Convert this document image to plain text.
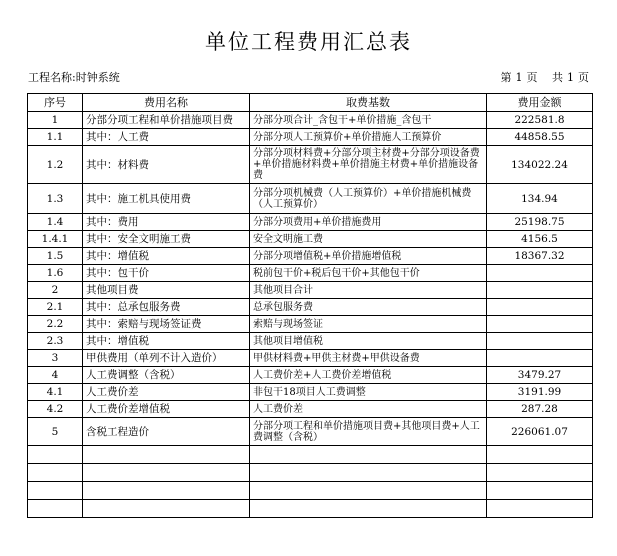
单位工程费用汇总表
工程名称:时钟系统	第 1 页 共 1 页
序号	费用名称	取费基数	费用金额
1	分部分项工程和单价措施项目费	分部分项合计_含包干+单价措施_含包干	222581.8
1.1	其中：人工费	分部分项人工预算价+单价措施人工预算价	44858.55
1.2	其中：材料费	分部分项材料费+分部分项主材费+分部分项设备费+单价措施材料费+单价措施主材费+单价措施设备费	134022.24
1.3	其中：施工机具使用费	分部分项机械费（人工预算价）+单价措施机械费（人工预算价）	134.94
1.4	其中：费用	分部分项费用+单价措施费用	25198.75
1.4.1	其中：安全文明施工费	安全文明施工费	4156.5
1.5	其中：增值税	分部分项增值税+单价措施增值税	18367.32
1.6	其中：包干价	税前包干价+税后包干价+其他包干价	
2	其他项目费	其他项目合计	
2.1	其中：总承包服务费	总承包服务费	
2.2	其中：索赔与现场签证费	索赔与现场签证	
2.3	其中：增值税	其他项目增值税	
3	甲供费用（单列不计入造价）	甲供材料费+甲供主材费+甲供设备费	
4	人工费调整（含税）	人工费价差+人工费价差增值税	3479.27
4.1	人工费价差	非包干18项目人工费调整	3191.99
4.2	人工费价差增值税	人工费价差	287.28
5	含税工程造价	分部分项工程和单价措施项目费+其他项目费+人工费调整（含税）	226061.07
